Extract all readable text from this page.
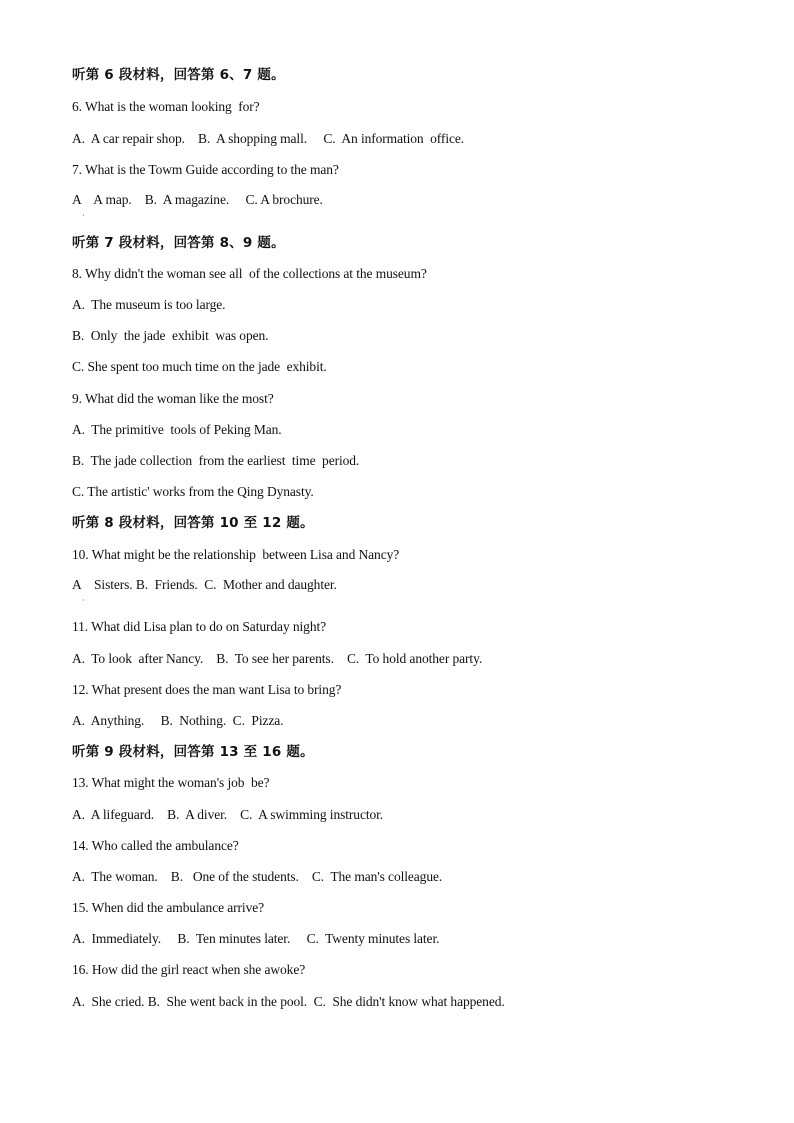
听第 6 段材料，回答第 6、7 题。
6. What is the woman looking  for?
A.  A car repair shop.    B.  A shopping mall.     C.  An information  office.
7. What is the Towm Guide according to the man?
A    A map.    B.  A magazine.     C. A brochure.
·
听第 7 段材料，回答第 8、9 题。
8. Why didn't the woman see all  of the collections at the museum?
A.  The museum is too large.
B.  Only  the jade  exhibit  was open.
C. She spent too much time on the jade  exhibit.
9. What did the woman like the most?
A.  The primitive  tools of Peking Man.
B.  The jade collection  from the earliest  time  period.
C. The artistic' works from the Qing Dynasty.
听第 8 段材料，回答第 10 至 12 题。
10. What might be the relationship  between Lisa and Nancy?
A    Sisters. B.  Friends.  C.  Mother and daughter.
·
11. What did Lisa plan to do on Saturday night?
A.  To look  after Nancy.    B.  To see her parents.    C.  To hold another party.
12. What present does the man want Lisa to bring?
A.  Anything.     B.  Nothing.  C.  Pizza.
听第 9 段材料，回答第 13 至 16 题。
13. What might the woman's job  be?
A.  A lifeguard.    B.  A diver.    C.  A swimming instructor.
14. Who called the ambulance?
A.  The woman.    B.   One of the students.    C.  The man's colleague.
15. When did the ambulance arrive?
A.  Immediately.     B.  Ten minutes later.     C.  Twenty minutes later.
16. How did the girl react when she awoke?
A.  She cried. B.  She went back in the pool.  C.  She didn't know what happened.
